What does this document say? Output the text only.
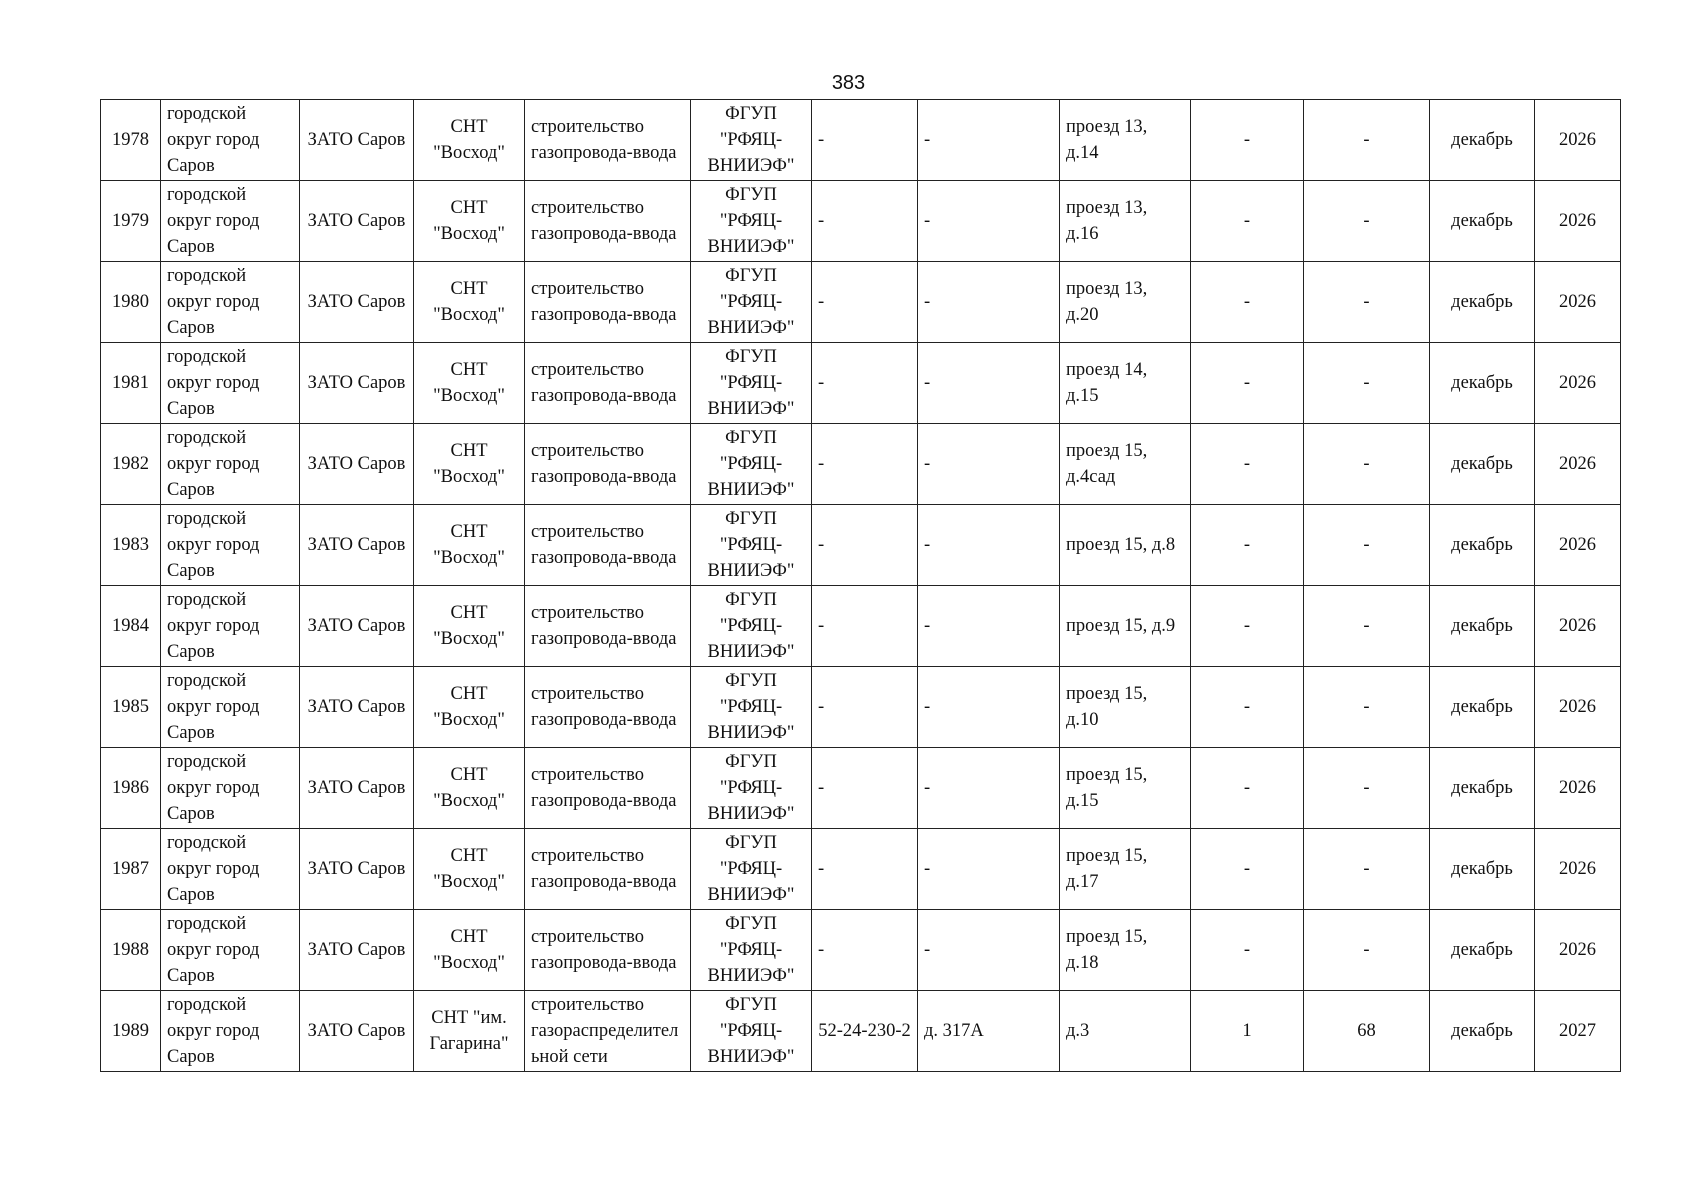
383
1978	городской округ город Саров	ЗАТО Саров	СНТ "Восход"	строительство газопровода-ввода	ФГУП "РФЯЦ-ВНИИЭФ"	-	-	проезд 13, д.14	-	-	декабрь	2026
1979	городской округ город Саров	ЗАТО Саров	СНТ "Восход"	строительство газопровода-ввода	ФГУП "РФЯЦ-ВНИИЭФ"	-	-	проезд 13, д.16	-	-	декабрь	2026
1980	городской округ город Саров	ЗАТО Саров	СНТ "Восход"	строительство газопровода-ввода	ФГУП "РФЯЦ-ВНИИЭФ"	-	-	проезд 13, д.20	-	-	декабрь	2026
1981	городской округ город Саров	ЗАТО Саров	СНТ "Восход"	строительство газопровода-ввода	ФГУП "РФЯЦ-ВНИИЭФ"	-	-	проезд 14, д.15	-	-	декабрь	2026
1982	городской округ город Саров	ЗАТО Саров	СНТ "Восход"	строительство газопровода-ввода	ФГУП "РФЯЦ-ВНИИЭФ"	-	-	проезд 15, д.4сад	-	-	декабрь	2026
1983	городской округ город Саров	ЗАТО Саров	СНТ "Восход"	строительство газопровода-ввода	ФГУП "РФЯЦ-ВНИИЭФ"	-	-	проезд 15, д.8	-	-	декабрь	2026
1984	городской округ город Саров	ЗАТО Саров	СНТ "Восход"	строительство газопровода-ввода	ФГУП "РФЯЦ-ВНИИЭФ"	-	-	проезд 15, д.9	-	-	декабрь	2026
1985	городской округ город Саров	ЗАТО Саров	СНТ "Восход"	строительство газопровода-ввода	ФГУП "РФЯЦ-ВНИИЭФ"	-	-	проезд 15, д.10	-	-	декабрь	2026
1986	городской округ город Саров	ЗАТО Саров	СНТ "Восход"	строительство газопровода-ввода	ФГУП "РФЯЦ-ВНИИЭФ"	-	-	проезд 15, д.15	-	-	декабрь	2026
1987	городской округ город Саров	ЗАТО Саров	СНТ "Восход"	строительство газопровода-ввода	ФГУП "РФЯЦ-ВНИИЭФ"	-	-	проезд 15, д.17	-	-	декабрь	2026
1988	городской округ город Саров	ЗАТО Саров	СНТ "Восход"	строительство газопровода-ввода	ФГУП "РФЯЦ-ВНИИЭФ"	-	-	проезд 15, д.18	-	-	декабрь	2026
1989	городской округ город Саров	ЗАТО Саров	СНТ "им. Гагарина"	строительство газораспределительной сети	ФГУП "РФЯЦ-ВНИИЭФ"	52-24-230-2	д. 317А	д.3	1	68	декабрь	2027
